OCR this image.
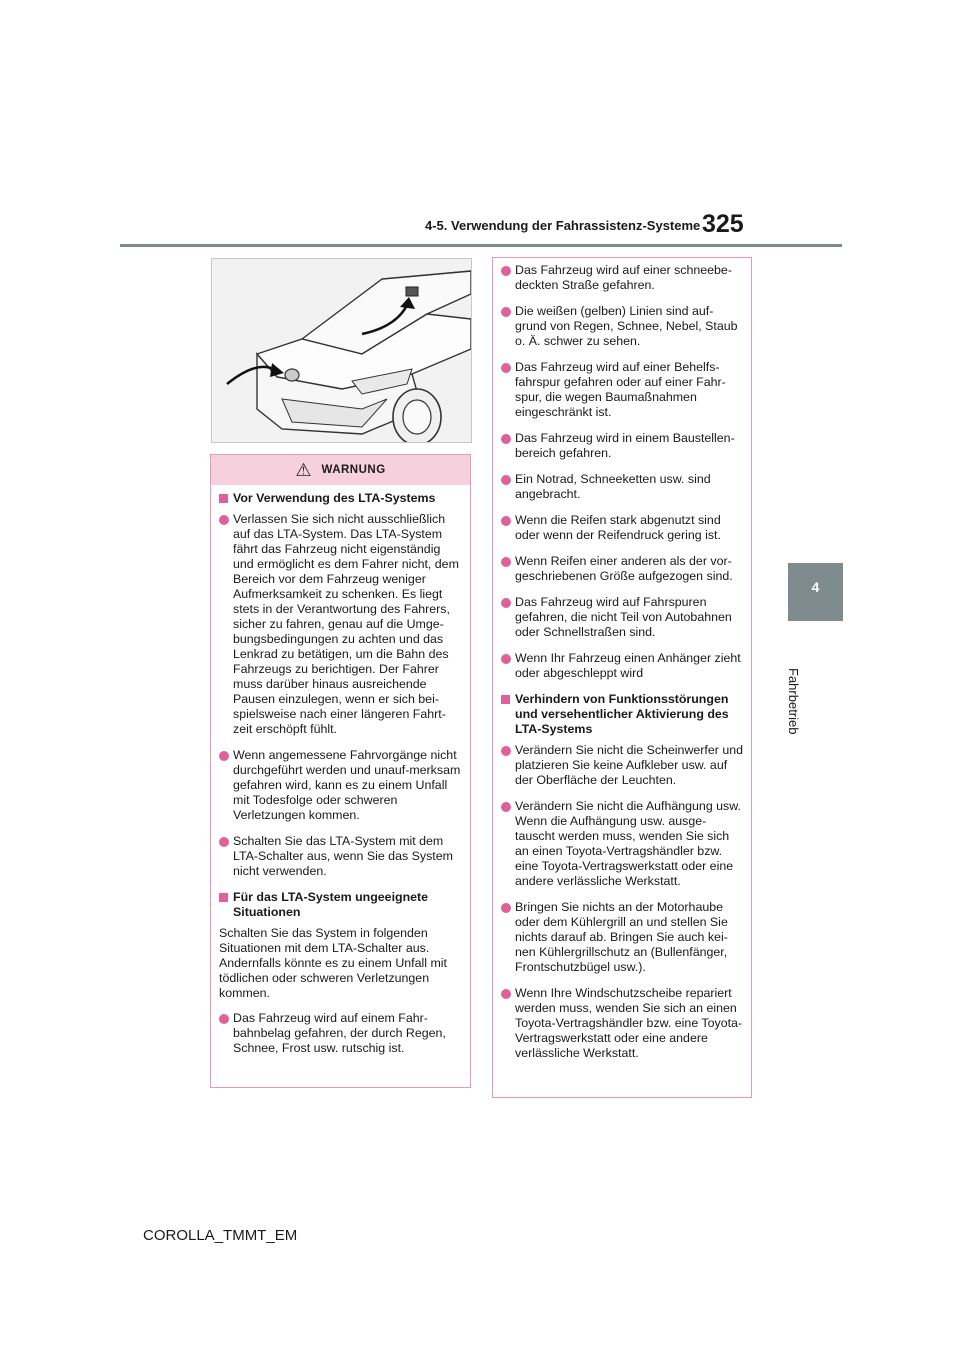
4-5. Verwendung der Fahrassistenz-Systeme 325
4
Fahrbetrieb
⚠ WARNUNG
Vor Verwendung des LTA-Systems
Verlassen Sie sich nicht ausschließlich auf das LTA-System. Das LTA-System fährt das Fahrzeug nicht eigenständig und ermöglicht es dem Fahrer nicht, dem Bereich vor dem Fahrzeug weniger Aufmerksamkeit zu schenken. Es liegt stets in der Verantwortung des Fahrers, sicher zu fahren, genau auf die Umge-bungsbedingungen zu achten und das Lenkrad zu betätigen, um die Bahn des Fahrzeugs zu berichtigen. Der Fahrer muss darüber hinaus ausreichende Pausen einzulegen, wenn er sich bei-spielsweise nach einer längeren Fahrt-zeit erschöpft fühlt.
Wenn angemessene Fahrvorgänge nicht durchgeführt werden und unauf-merksam gefahren wird, kann es zu einem Unfall mit Todesfolge oder schweren Verletzungen kommen.
Schalten Sie das LTA-System mit dem LTA-Schalter aus, wenn Sie das System nicht verwenden.
Für das LTA-System ungeeignete Situationen
Schalten Sie das System in folgenden Situationen mit dem LTA-Schalter aus. Andernfalls könnte es zu einem Unfall mit tödlichen oder schweren Verletzungen kommen.
Das Fahrzeug wird auf einem Fahr-bahnbelag gefahren, der durch Regen, Schnee, Frost usw. rutschig ist.
Das Fahrzeug wird auf einer schneebe-deckten Straße gefahren.
Die weißen (gelben) Linien sind auf-grund von Regen, Schnee, Nebel, Staub o. Ä. schwer zu sehen.
Das Fahrzeug wird auf einer Behelfs-fahrspur gefahren oder auf einer Fahr-spur, die wegen Baumaßnahmen eingeschränkt ist.
Das Fahrzeug wird in einem Baustellen-bereich gefahren.
Ein Notrad, Schneeketten usw. sind angebracht.
Wenn die Reifen stark abgenutzt sind oder wenn der Reifendruck gering ist.
Wenn Reifen einer anderen als der vor-geschriebenen Größe aufgezogen sind.
Das Fahrzeug wird auf Fahrspuren gefahren, die nicht Teil von Autobahnen oder Schnellstraßen sind.
Wenn Ihr Fahrzeug einen Anhänger zieht oder abgeschleppt wird
Verhindern von Funktionsstörungen und versehentlicher Aktivierung des LTA-Systems
Verändern Sie nicht die Scheinwerfer und platzieren Sie keine Aufkleber usw. auf der Oberfläche der Leuchten.
Verändern Sie nicht die Aufhängung usw. Wenn die Aufhängung usw. ausge-tauscht werden muss, wenden Sie sich an einen Toyota-Vertragshändler bzw. eine Toyota-Vertragswerkstatt oder eine andere verlässliche Werkstatt.
Bringen Sie nichts an der Motorhaube oder dem Kühlergrill an und stellen Sie nichts darauf ab. Bringen Sie auch kei-nen Kühlergrillschutz an (Bullenfänger, Frontschutzbügel usw.).
Wenn Ihre Windschutzscheibe repariert werden muss, wenden Sie sich an einen Toyota-Vertragshändler bzw. eine Toyota-Vertragswerkstatt oder eine andere verlässliche Werkstatt.
COROLLA_TMMT_EM
